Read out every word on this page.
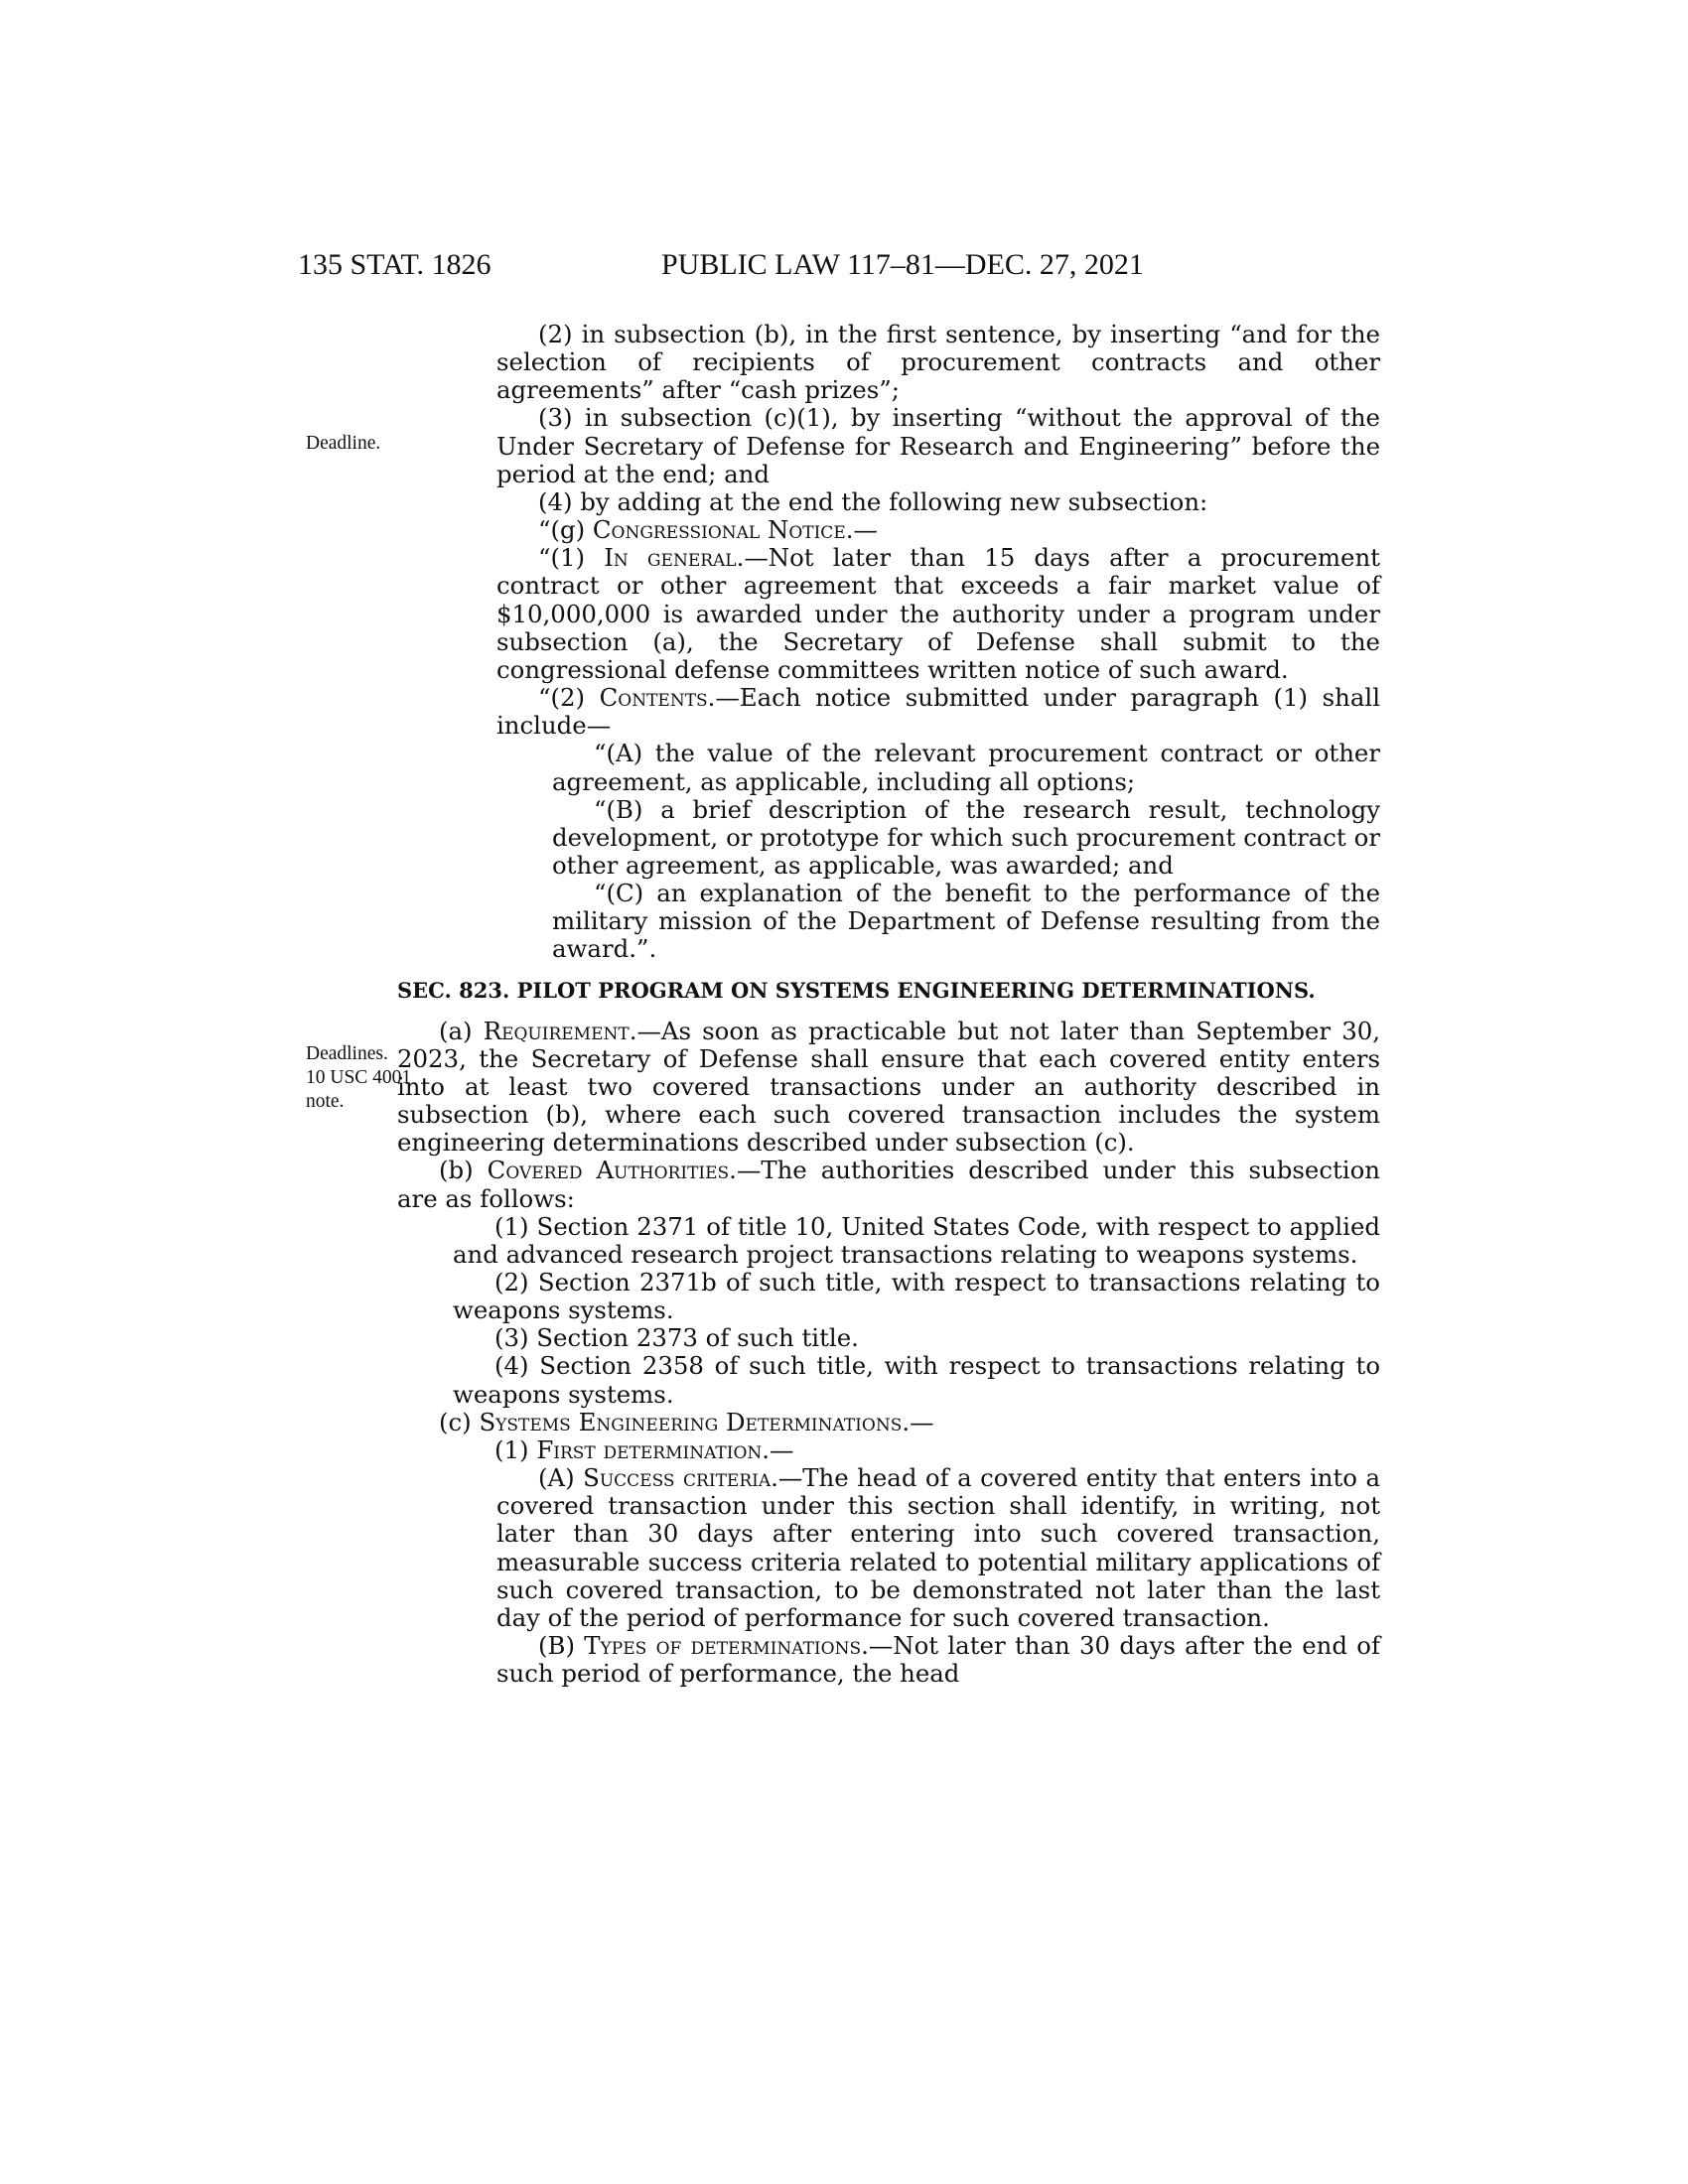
135 STAT. 1826	PUBLIC LAW 117–81—DEC. 27, 2021
Deadline.
Deadlines.
10 USC 4001
note.

(2) in subsection (b), in the first sentence, by inserting “and for the selection of recipients of procurement contracts and other agreements” after “cash prizes”;

(3) in subsection (c)(1), by inserting “without the approval of the Under Secretary of Defense for Research and Engineering” before the period at the end; and

(4) by adding at the end the following new subsection:

“(g) Congressional Notice.—

“(1) In general.—Not later than 15 days after a procurement contract or other agreement that exceeds a fair market value of $10,000,000 is awarded under the authority under a program under subsection (a), the Secretary of Defense shall submit to the congressional defense committees written notice of such award.

“(2) Contents.—Each notice submitted under paragraph (1) shall include—

“(A) the value of the relevant procurement contract or other agreement, as applicable, including all options;

“(B) a brief description of the research result, technology development, or prototype for which such procurement contract or other agreement, as applicable, was awarded; and

“(C) an explanation of the benefit to the performance of the military mission of the Department of Defense resulting from the award.”.

SEC. 823. PILOT PROGRAM ON SYSTEMS ENGINEERING DETERMINATIONS.

(a) Requirement.—As soon as practicable but not later than September 30, 2023, the Secretary of Defense shall ensure that each covered entity enters into at least two covered transactions under an authority described in subsection (b), where each such covered transaction includes the system engineering determinations described under subsection (c).

(b) Covered Authorities.—The authorities described under this subsection are as follows:

(1) Section 2371 of title 10, United States Code, with respect to applied and advanced research project transactions relating to weapons systems.

(2) Section 2371b of such title, with respect to transactions relating to weapons systems.

(3) Section 2373 of such title.

(4) Section 2358 of such title, with respect to transactions relating to weapons systems.

(c) Systems Engineering Determinations.—

(1) First determination.—

(A) Success criteria.—The head of a covered entity that enters into a covered transaction under this section shall identify, in writing, not later than 30 days after entering into such covered transaction, measurable success criteria related to potential military applications of such covered transaction, to be demonstrated not later than the last day of the period of performance for such covered transaction.

(B) Types of determinations.—Not later than 30 days after the end of such period of performance, the head
